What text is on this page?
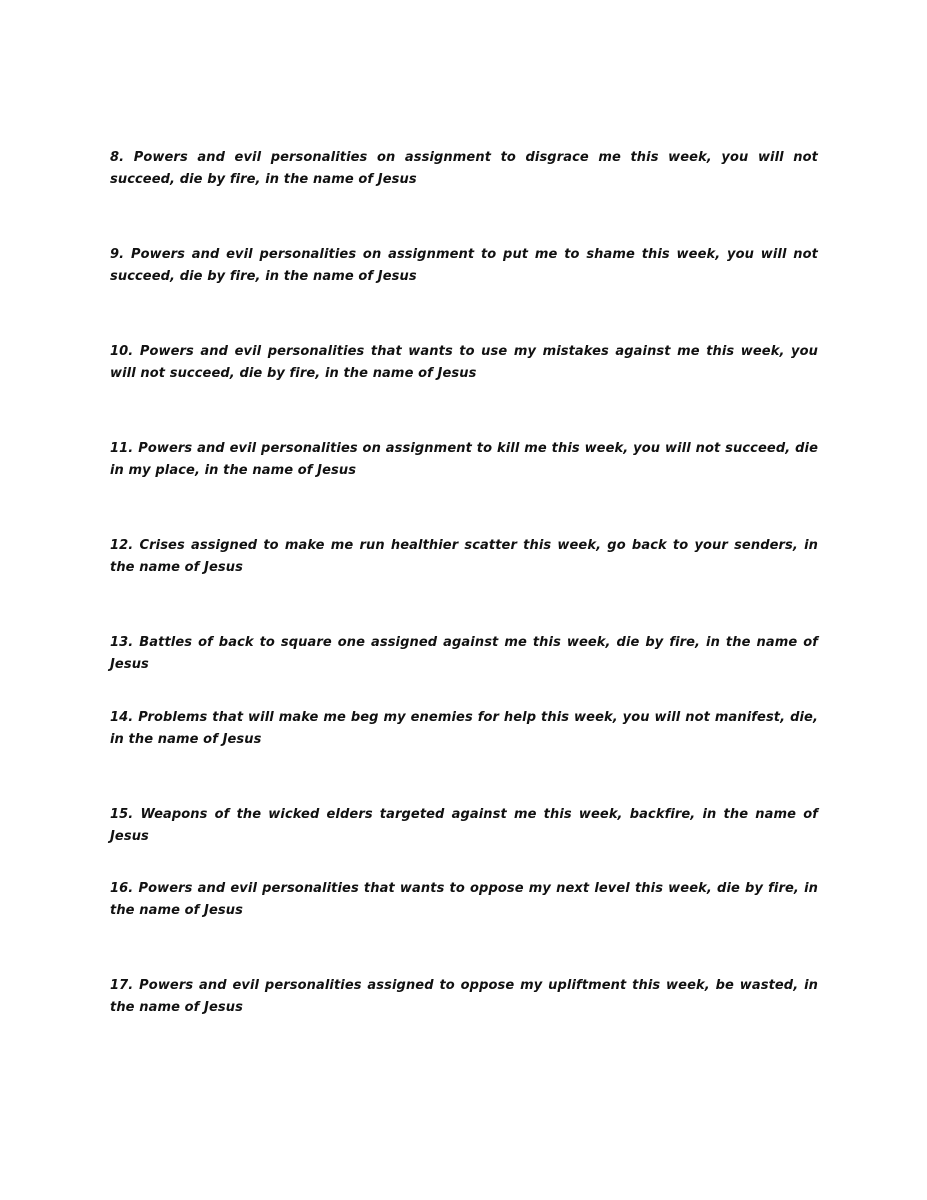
8. Powers and evil personalities on assignment to disgrace me this week, you will not succeed, die by fire, in the name of Jesus

9. Powers and evil personalities on assignment to put me to shame this week, you will not succeed, die by fire, in the name of Jesus

10. Powers and evil personalities that wants to use my mistakes against me this week, you will not succeed, die by fire, in the name of Jesus

11. Powers and evil personalities on assignment to kill me this week, you will not succeed, die in my place, in the name of Jesus

12. Crises assigned to make me run healthier scatter this week, go back to your senders, in the name of Jesus

13. Battles of back to square one assigned against me this week, die by fire, in the name of Jesus

14. Problems that will make me beg my enemies for help this week, you will not manifest, die, in the name of Jesus

15. Weapons of the wicked elders targeted against me this week, backfire, in the name of Jesus

16. Powers and evil personalities that wants to oppose my next level this week, die by fire, in the name of Jesus

17. Powers and evil personalities assigned to oppose my upliftment this week, be wasted, in the name of Jesus
